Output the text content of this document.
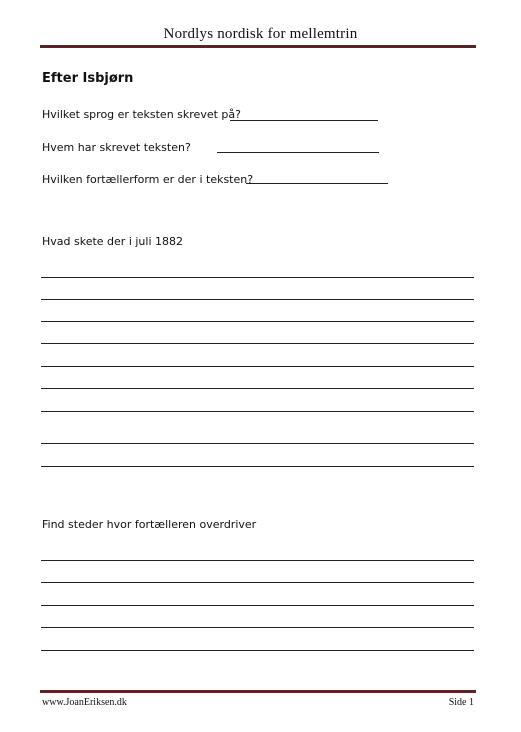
Nordlys nordisk for mellemtrin
Efter Isbjørn
Hvilket sprog er teksten skrevet på?
Hvem har skrevet teksten?
Hvilken fortællerform er der i teksten?
Hvad skete der i juli 1882
Find steder hvor fortælleren overdriver
www.JoanEriksen.dk	Side 1
